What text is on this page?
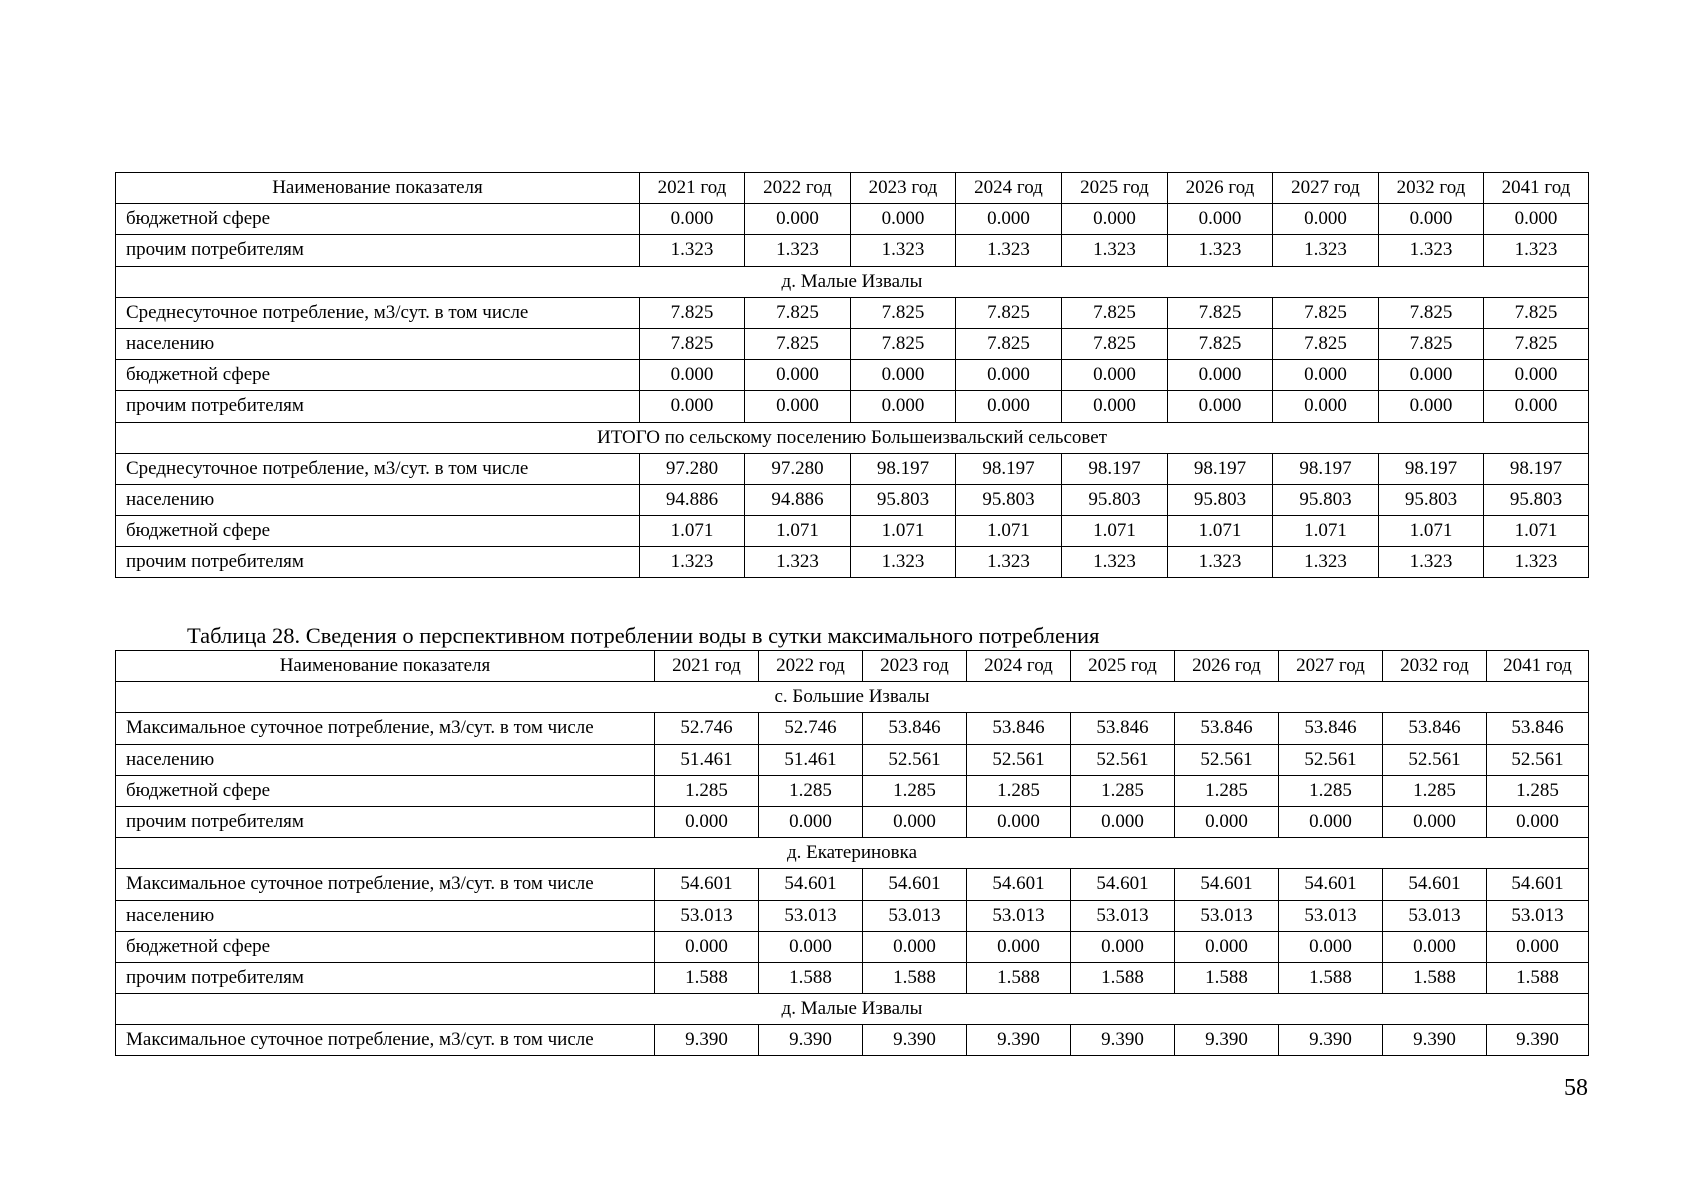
Наименование показателя	2021 год	2022 год	2023 год	2024 год	2025 год	2026 год	2027 год	2032 год	2041 год
бюджетной сфере	0.000	0.000	0.000	0.000	0.000	0.000	0.000	0.000	0.000
прочим потребителям	1.323	1.323	1.323	1.323	1.323	1.323	1.323	1.323	1.323
д. Малые Извалы									
Среднесуточное потребление, м3/сут. в том числе	7.825	7.825	7.825	7.825	7.825	7.825	7.825	7.825	7.825
населению	7.825	7.825	7.825	7.825	7.825	7.825	7.825	7.825	7.825
бюджетной сфере	0.000	0.000	0.000	0.000	0.000	0.000	0.000	0.000	0.000
прочим потребителям	0.000	0.000	0.000	0.000	0.000	0.000	0.000	0.000	0.000
ИТОГО по сельскому поселению Большеизвальский сельсовет									
Среднесуточное потребление, м3/сут. в том числе	97.280	97.280	98.197	98.197	98.197	98.197	98.197	98.197	98.197
населению	94.886	94.886	95.803	95.803	95.803	95.803	95.803	95.803	95.803
бюджетной сфере	1.071	1.071	1.071	1.071	1.071	1.071	1.071	1.071	1.071
прочим потребителям	1.323	1.323	1.323	1.323	1.323	1.323	1.323	1.323	1.323
Таблица 28. Сведения о перспективном потреблении воды в сутки максимального потребления
Наименование показателя	2021 год	2022 год	2023 год	2024 год	2025 год	2026 год	2027 год	2032 год	2041 год
с. Большие Извалы									
Максимальное суточное потребление, м3/сут. в том числе	52.746	52.746	53.846	53.846	53.846	53.846	53.846	53.846	53.846
населению	51.461	51.461	52.561	52.561	52.561	52.561	52.561	52.561	52.561
бюджетной сфере	1.285	1.285	1.285	1.285	1.285	1.285	1.285	1.285	1.285
прочим потребителям	0.000	0.000	0.000	0.000	0.000	0.000	0.000	0.000	0.000
д. Екатериновка									
Максимальное суточное потребление, м3/сут. в том числе	54.601	54.601	54.601	54.601	54.601	54.601	54.601	54.601	54.601
населению	53.013	53.013	53.013	53.013	53.013	53.013	53.013	53.013	53.013
бюджетной сфере	0.000	0.000	0.000	0.000	0.000	0.000	0.000	0.000	0.000
прочим потребителям	1.588	1.588	1.588	1.588	1.588	1.588	1.588	1.588	1.588
д. Малые Извалы									
Максимальное суточное потребление, м3/сут. в том числе	9.390	9.390	9.390	9.390	9.390	9.390	9.390	9.390	9.390
58
